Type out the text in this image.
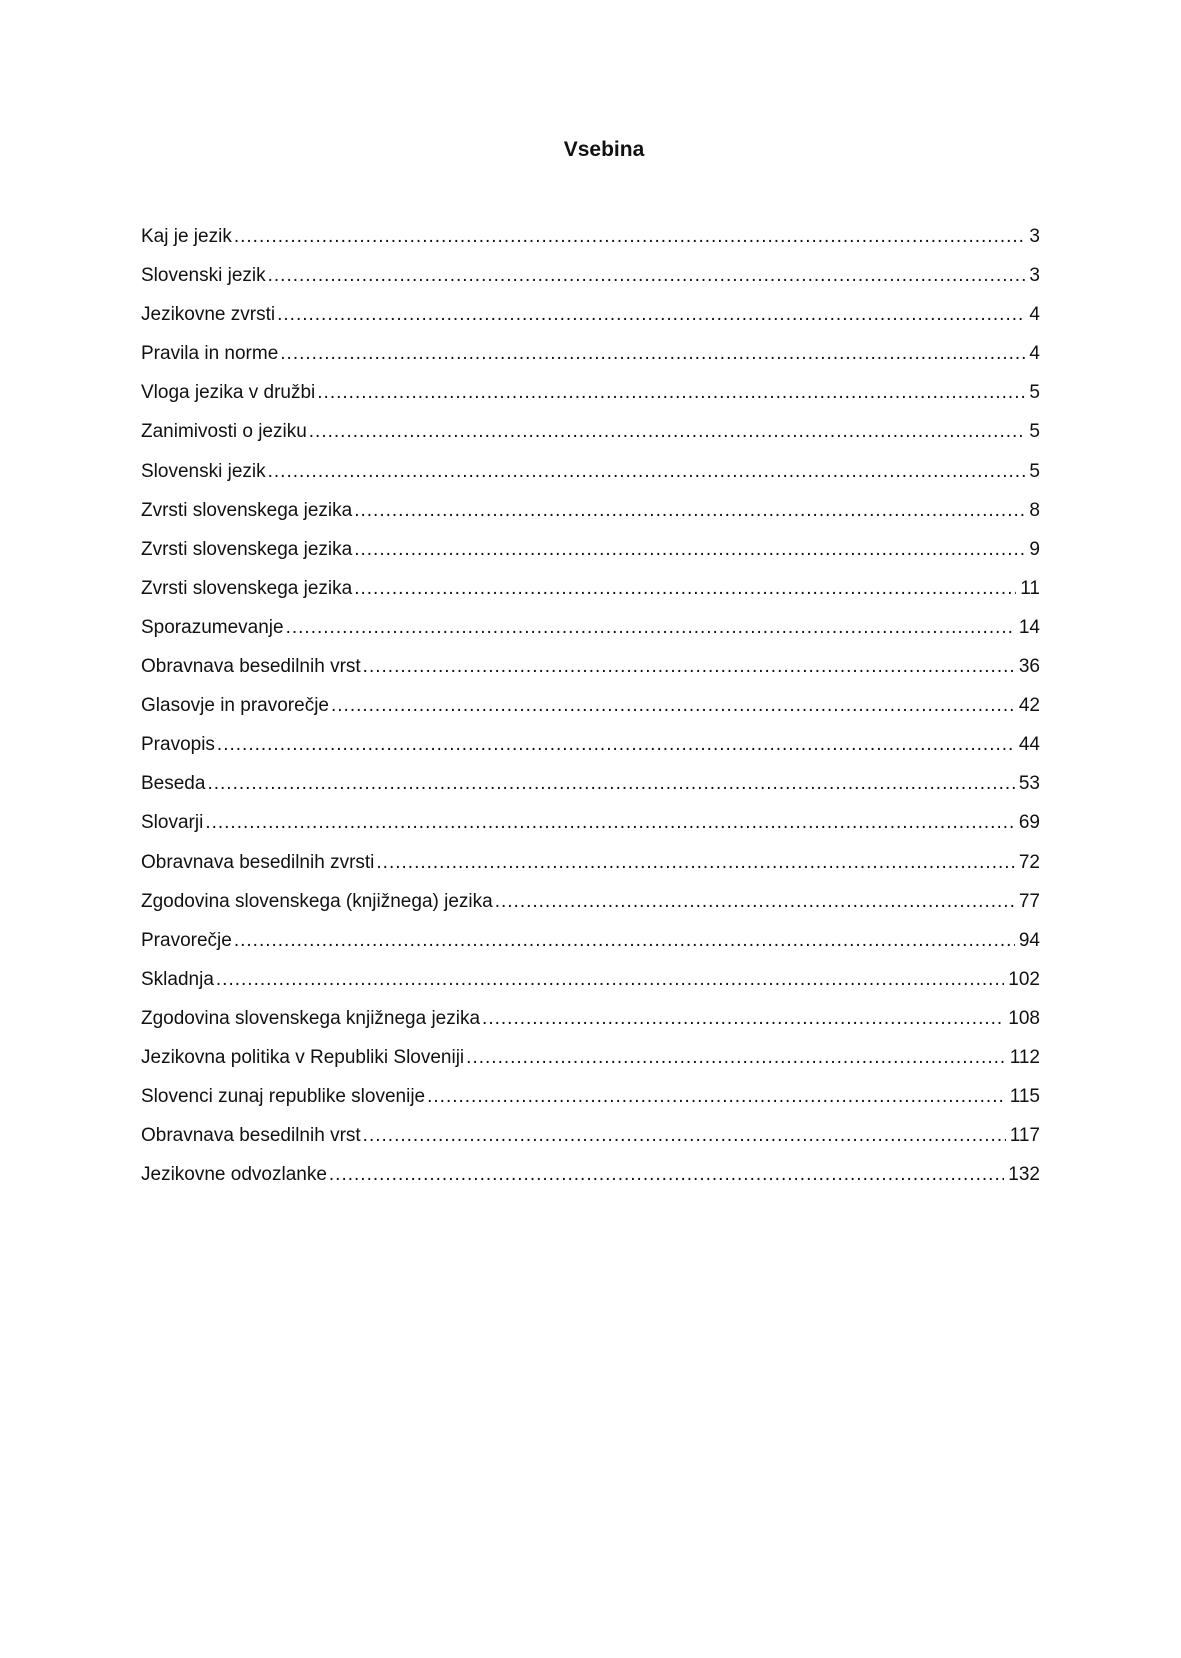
Vsebina
Kaj je jezik .....	3
Slovenski jezik .....	3
Jezikovne zvrsti .....	4
Pravila in norme .....	4
Vloga jezika v družbi .....	5
Zanimivosti o jeziku .....	5
Slovenski jezik .....	5
Zvrsti slovenskega jezika .....	8
Zvrsti slovenskega jezika .....	9
Zvrsti slovenskega jezika .....	11
Sporazumevanje .....	14
Obravnava besedilnih vrst .....	36
Glasovje in pravorečje .....	42
Pravopis .....	44
Beseda .....	53
Slovarji .....	69
Obravnava besedilnih zvrsti .....	72
Zgodovina slovenskega (knjižnega) jezika .....	77
Pravorečje .....	94
Skladnja .....	102
Zgodovina slovenskega knjižnega jezika .....	108
Jezikovna politika v Republiki Sloveniji .....	112
Slovenci zunaj republike slovenije .....	115
Obravnava besedilnih vrst .....	117
Jezikovne odvozlanke .....	132
